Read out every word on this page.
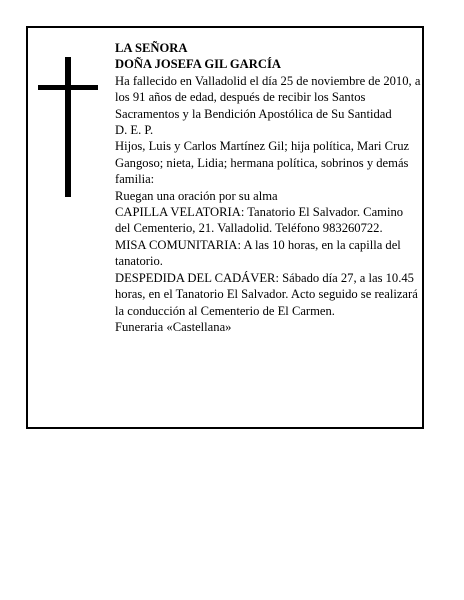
LA SEÑORA

DOÑA JOSEFA GIL GARCÍA

Ha fallecido en Valladolid el día 25 de noviembre de 2010, a los 91 años de edad, después de recibir los Santos Sacramentos y la Bendición Apostólica de Su Santidad

D. E. P.

Hijos, Luis y Carlos Martínez Gil; hija política, Mari Cruz Gangoso; nieta, Lidia; hermana política, sobrinos y demás familia:

Ruegan una oración por su alma

CAPILLA VELATORIA: Tanatorio El Salvador. Camino del Cementerio, 21. Valladolid. Teléfono 983260722.

MISA COMUNITARIA: A las 10 horas, en la capilla del tanatorio.

DESPEDIDA DEL CADÁVER: Sábado día 27, a las 10.45 horas, en el Tanatorio El Salvador. Acto seguido se realizará la conducción al Cementerio de El Carmen.

Funeraria «Castellana»
